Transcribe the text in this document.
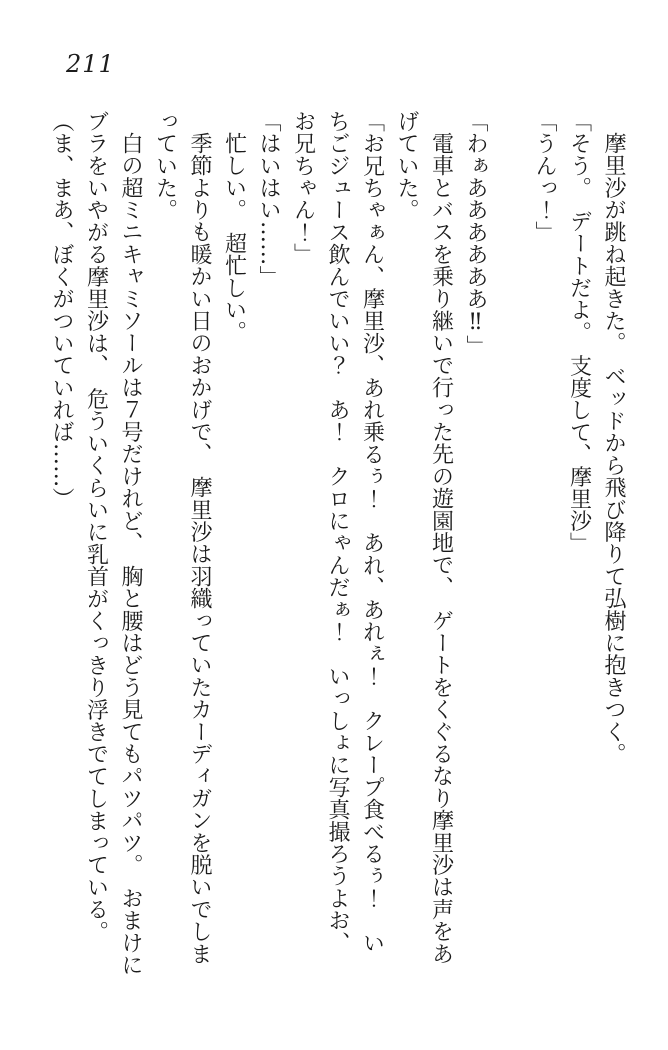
211

摩里沙が跳ね起きた。　ベッドから飛び降りて弘樹に抱きつく。

「そう。　デートだよ。　支度して、摩里沙」

「うんっ！」

「わぁああああああ‼」

電車とバスを乗り継いで行った先の遊園地で、　ゲートをくぐるなり摩里沙は声をあ

げていた。

「お兄ちゃぁん、摩里沙、あれ乗るぅ！　あれ、あれぇ！　クレープ食べるぅ！　い

ちごジュース飲んでいい？　あ！　クロにゃんだぁ！　いっしょに写真撮ろうよお、

お兄ちゃん！」

「はいはい……」

忙しい。　超忙しい。

季節よりも暖かい日のおかげで、　摩里沙は羽織っていたカーディガンを脱いでしま

っていた。

白の超ミニキャミソールは７号だけれど、　胸と腰はどう見てもパツパツ。　おまけに

ブラをいやがる摩里沙は、　危ういくらいに乳首がくっきり浮きでてしまっている。

（ま、まあ、ぼくがついていれば……）
